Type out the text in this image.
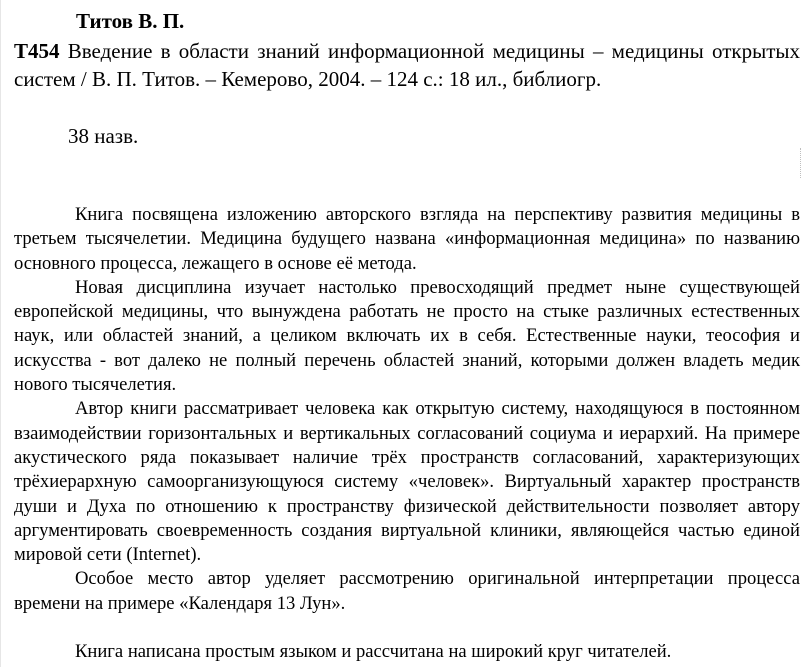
Титов В. П.
Т454 Введение в области знаний информационной медицины – медицины открытых систем / В. П. Титов. – Кемерово, 2004. – 124 с.: 18 ил., библиогр.
38 назв.

Книга посвящена изложению авторского взгляда на перспективу развития медицины в третьем тысячелетии. Медицина будущего названа «информационная медицина» по названию основного процесса, лежащего в основе её метода.

Новая дисциплина изучает настолько превосходящий предмет ныне существующей европейской медицины, что вынуждена работать не просто на стыке различных естественных наук, или областей знаний, а целиком включать их в себя. Естественные науки, теософия и искусства - вот далеко не полный перечень областей знаний, которыми должен владеть медик нового тысячелетия.

Автор книги рассматривает человека как открытую систему, находящуюся в постоянном взаимодействии горизонтальных и вертикальных согласований социума и иерархий. На примере акустического ряда показывает наличие трёх пространств согласований, характеризующих трёхиерархную самоорганизующуюся систему «человек». Виртуальный характер пространств души и Духа по отношению к пространству физической действительности позволяет автору аргументировать своевременность создания виртуальной клиники, являющейся частью единой мировой сети (Internet).

Особое место автор уделяет рассмотрению оригинальной интерпретации процесса времени на примере «Календаря 13 Лун».

Книга написана простым языком и рассчитана на широкий круг читателей.
